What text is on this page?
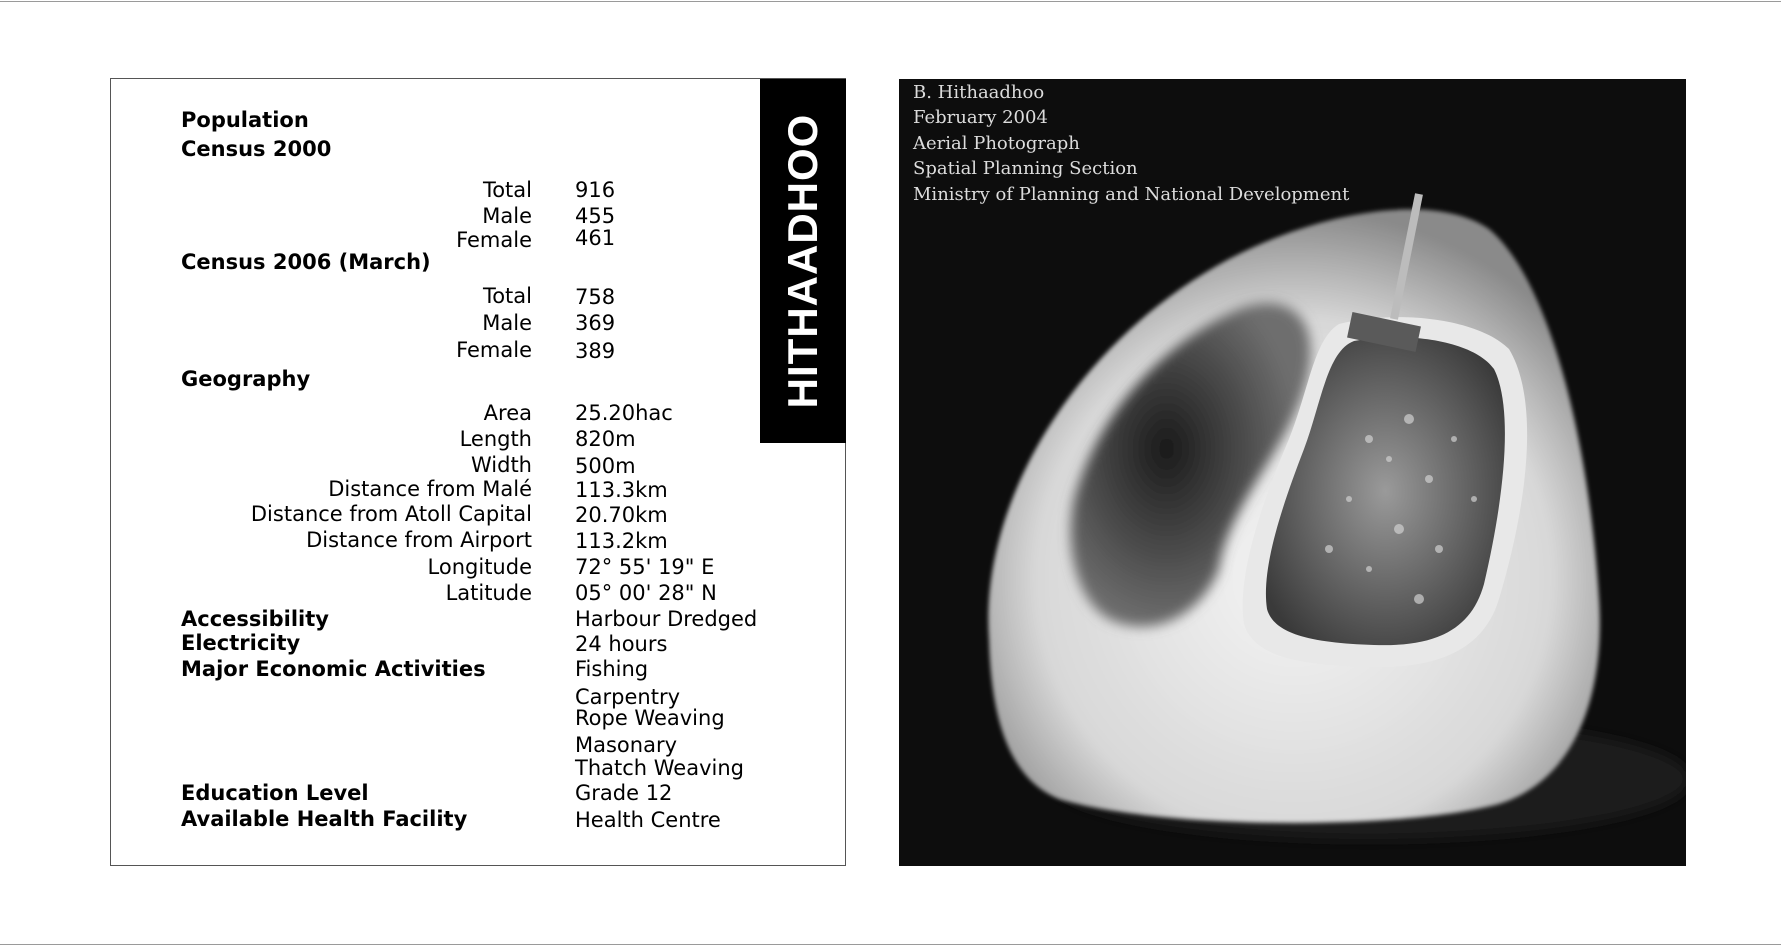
HITHAADHOO
Population
Census 2000
Total 916
Male 455
Female 461
Census 2006 (March)
Total 758
Male 369
Female 389
Geography
Area 25.20hac
Length 820m
Width 500m
Distance from Malé 113.3km
Distance from Atoll Capital 20.70km
Distance from Airport 113.2km
Longitude 72° 55' 19" E
Latitude 05° 00' 28" N
Accessibility	Harbour Dredged
Electricity	24 hours
Major Economic Activities	Fishing
Carpentry
Rope Weaving
Masonary
Thatch Weaving
Education Level	Grade 12
Available Health Facility	Health Centre
B. Hithaadhoo
February 2004
Aerial Photograph
Spatial Planning Section
Ministry of Planning and National Development
